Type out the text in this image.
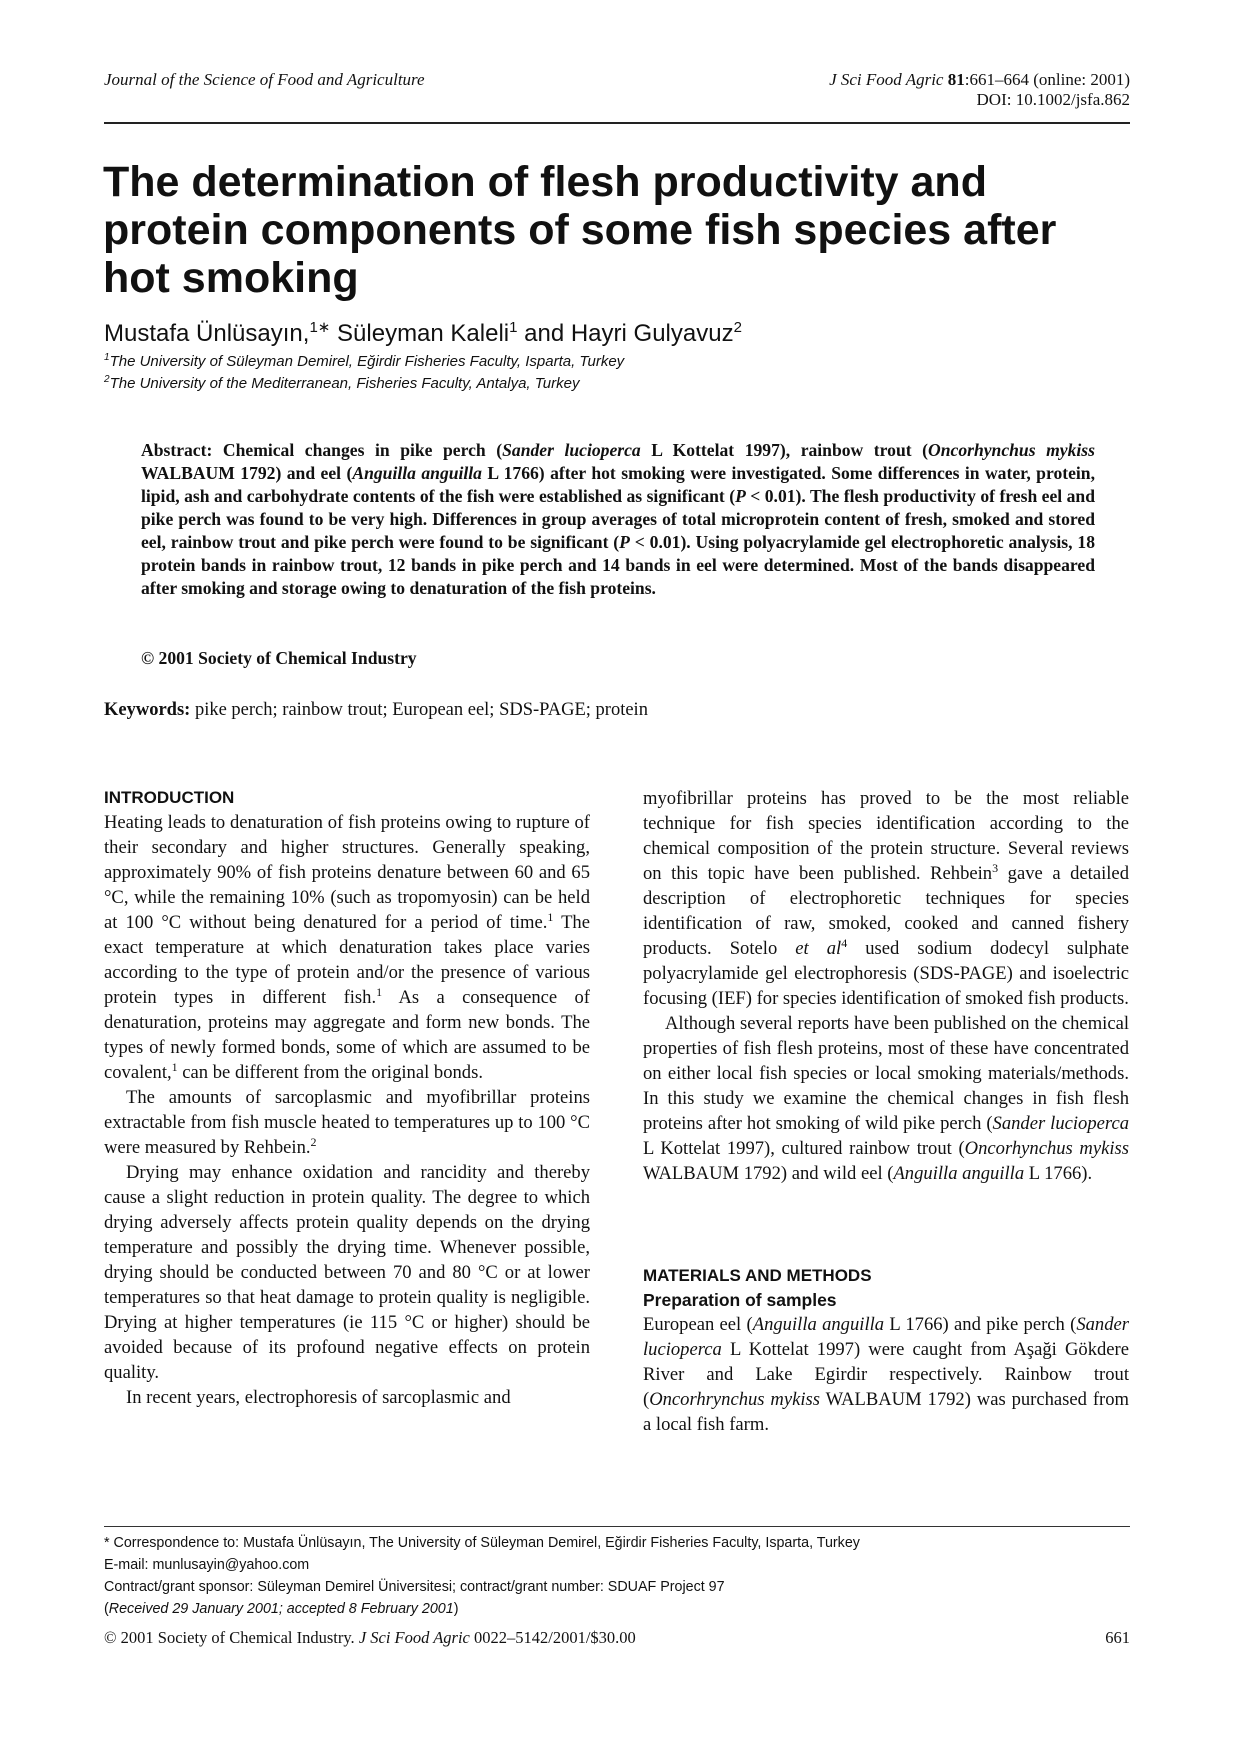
Journal of the Science of Food and Agriculture	J Sci Food Agric 81:661–664 (online: 2001)
DOI: 10.1002/jsfa.862
The determination of flesh productivity and protein components of some fish species after hot smoking
Mustafa Ünlüsayın,$^{1∗}$ Süleyman Kaleli$^1$ and Hayri Gulyavuz$^2$
$^1$The University of Süleyman Demirel, Eğirdir Fisheries Faculty, Isparta, Turkey
$^2$The University of the Mediterranean, Fisheries Faculty, Antalya, Turkey
Abstract: Chemical changes in pike perch (Sander lucioperca L Kottelat 1997), rainbow trout (Oncorhynchus mykiss WALBAUM 1792) and eel (Anguilla anguilla L 1766) after hot smoking were investigated. Some differences in water, protein, lipid, ash and carbohydrate contents of the fish were established as significant (P < 0.01). The flesh productivity of fresh eel and pike perch was found to be very high. Differences in group averages of total microprotein content of fresh, smoked and stored eel, rainbow trout and pike perch were found to be significant (P < 0.01). Using polyacrylamide gel electrophoretic analysis, 18 protein bands in rainbow trout, 12 bands in pike perch and 14 bands in eel were determined. Most of the bands disappeared after smoking and storage owing to denaturation of the fish proteins.
© 2001 Society of Chemical Industry
Keywords: pike perch; rainbow trout; European eel; SDS-PAGE; protein

INTRODUCTION

Heating leads to denaturation of fish proteins owing to rupture of their secondary and higher structures. Generally speaking, approximately 90% of fish proteins denature between 60 and 65 °C, while the remaining 10% (such as tropomyosin) can be held at 100 °C without being denatured for a period of time.$^1$ The exact temperature at which denaturation takes place varies according to the type of protein and/or the presence of various protein types in different fish.$^1$ As a consequence of denaturation, proteins may aggregate and form new bonds. The types of newly formed bonds, some of which are assumed to be covalent,$^1$ can be different from the original bonds.

The amounts of sarcoplasmic and myofibrillar proteins extractable from fish muscle heated to temperatures up to 100 °C were measured by Rehbein.$^2$

Drying may enhance oxidation and rancidity and thereby cause a slight reduction in protein quality. The degree to which drying adversely affects protein quality depends on the drying temperature and possibly the drying time. Whenever possible, drying should be conducted between 70 and 80 °C or at lower temperatures so that heat damage to protein quality is negligible. Drying at higher temperatures (ie 115 °C or higher) should be avoided because of its profound negative effects on protein quality.

In recent years, electrophoresis of sarcoplasmic and

myofibrillar proteins has proved to be the most reliable technique for fish species identification according to the chemical composition of the protein structure. Several reviews on this topic have been published. Rehbein$^3$ gave a detailed description of electrophoretic techniques for species identification of raw, smoked, cooked and canned fishery products. Sotelo et $al^4$ used sodium dodecyl sulphate polyacrylamide gel electrophoresis (SDS-PAGE) and isoelectric focusing (IEF) for species identification of smoked fish products.

Although several reports have been published on the chemical properties of fish flesh proteins, most of these have concentrated on either local fish species or local smoking materials/methods. In this study we examine the chemical changes in fish flesh proteins after hot smoking of wild pike perch (Sander lucioperca L Kottelat 1997), cultured rainbow trout (Oncorhynchus mykiss WALBAUM 1792) and wild eel (Anguilla anguilla L 1766).

MATERIALS AND METHODS

Preparation of samples

European eel (Anguilla anguilla L 1766) and pike perch (Sander lucioperca L Kottelat 1997) were caught from Aşaği Gökdere River and Lake Egirdir respectively. Rainbow trout (Oncorhrynchus mykiss WALBAUM 1792) was purchased from a local fish farm.

* Correspondence to: Mustafa Ünlüsayın, The University of Süleyman Demirel, Eğirdir Fisheries Faculty, Isparta, Turkey
E-mail: munlusayin@yahoo.com
Contract/grant sponsor: Süleyman Demirel Üniversitesi; contract/grant number: SDUAF Project 97
(Received 29 January 2001; accepted 8 February 2001)
© 2001 Society of Chemical Industry. J Sci Food Agric 0022–5142/2001/$30.00	661
